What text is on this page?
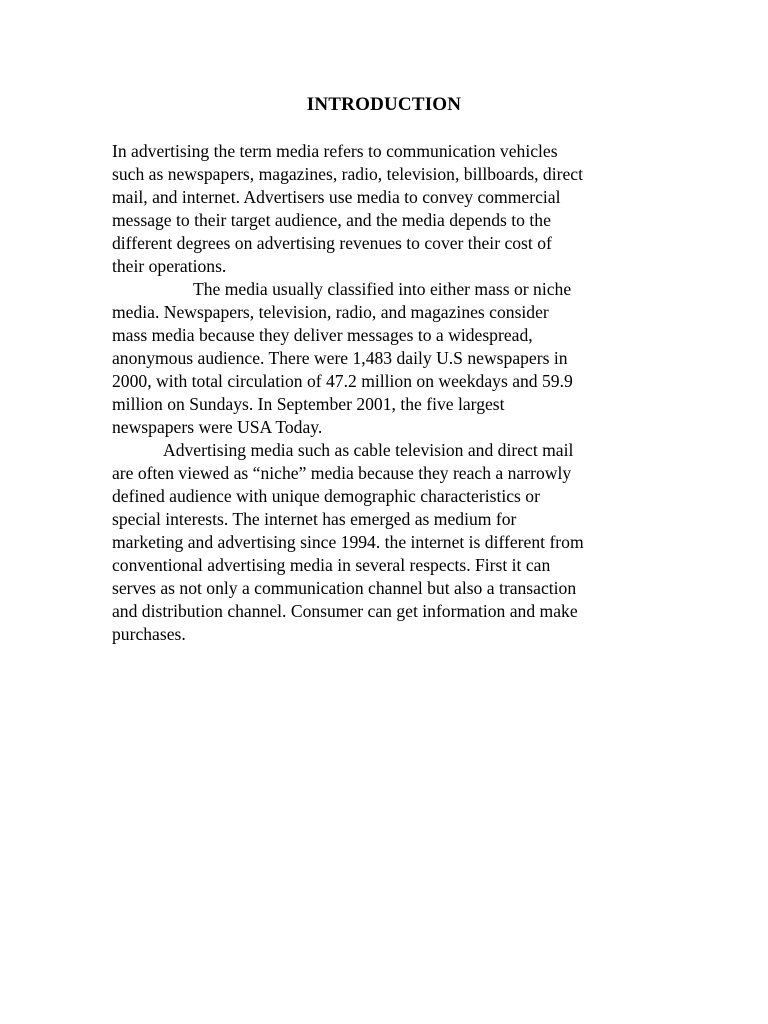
INTRODUCTION

In advertising the term media refers to communication vehicles
such as newspapers, magazines, radio, television, billboards, direct
mail, and internet. Advertisers use media to convey commercial
message to their target audience, and the media depends to the
different degrees on advertising revenues to cover their cost of
their operations.

The media usually classified into either mass or niche
media. Newspapers, television, radio, and magazines consider
mass media because they deliver messages to a widespread,
anonymous audience. There were 1,483 daily U.S newspapers in
2000, with total circulation of 47.2 million on weekdays and 59.9
million on Sundays. In September 2001, the five largest
newspapers were USA Today.

Advertising media such as cable television and direct mail
are often viewed as “niche” media because they reach a narrowly
defined audience with unique demographic characteristics or
special interests. The internet has emerged as medium for
marketing and advertising since 1994. the internet is different from
conventional advertising media in several respects. First it can
serves as not only a communication channel but also a transaction
and distribution channel. Consumer can get information and make
purchases.
